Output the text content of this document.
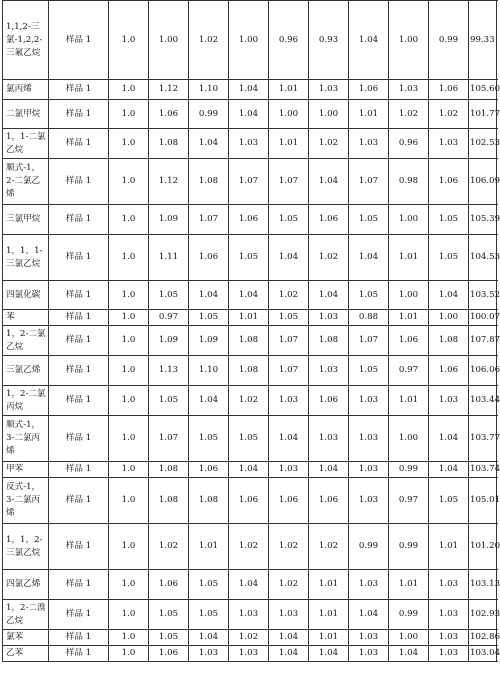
1,1,2-三氯-1,2,2-三氟乙烷	样品 1	1.0	1.00	1.02	1.00	0.96	0.93	1.04	1.00	0.99	99.33
氯丙烯	样品 1	1.0	1.12	1.10	1.04	1.01	1.03	1.06	1.03	1.06	105.60
二氯甲烷	样品 1	1.0	1.06	0.99	1.04	1.00	1.00	1.01	1.02	1.02	101.77
1，1-二氯乙烷	样品 1	1.0	1.08	1.04	1.03	1.01	1.02	1.03	0.96	1.03	102.53
顺式-1，2-二氯乙烯	样品 1	1.0	1.12	1.08	1.07	1.07	1.04	1.07	0.98	1.06	106.09
三氯甲烷	样品 1	1.0	1.09	1.07	1.06	1.05	1.06	1.05	1.00	1.05	105.39
1，1，1-三氯乙烷	样品 1	1.0	1.11	1.06	1.05	1.04	1.02	1.04	1.01	1.05	104.53
四氯化碳	样品 1	1.0	1.05	1.04	1.04	1.02	1.04	1.05	1.00	1.04	103.52
苯	样品 1	1.0	0.97	1.05	1.01	1.05	1.03	0.88	1.01	1.00	100.07
1，2-二氯乙烷	样品 1	1.0	1.09	1.09	1.08	1.07	1.08	1.07	1.06	1.08	107.87
三氯乙烯	样品 1	1.0	1.13	1.10	1.08	1.07	1.03	1.05	0.97	1.06	106.06
1，2-二氯丙烷	样品 1	1.0	1.05	1.04	1.02	1.03	1.06	1.03	1.01	1.03	103.44
顺式-1，3-二氯丙烯	样品 1	1.0	1.07	1.05	1.05	1.04	1.03	1.03	1.00	1.04	103.77
甲苯	样品 1	1.0	1.08	1.06	1.04	1.03	1.04	1.03	0.99	1.04	103.74
反式-1，3-二氯丙烯	样品 1	1.0	1.08	1.08	1.06	1.06	1.06	1.03	0.97	1.05	105.01
1，1，2-三氯乙烷	样品 1	1.0	1.02	1.01	1.02	1.02	1.02	0.99	0.99	1.01	101.20
四氯乙烯	样品 1	1.0	1.06	1.05	1.04	1.02	1.01	1.03	1.01	1.03	103.13
1，2-二溴乙烷	样品 1	1.0	1.05	1.05	1.03	1.03	1.01	1.04	0.99	1.03	102.93
氯苯	样品 1	1.0	1.05	1.04	1.02	1.04	1.01	1.03	1.00	1.03	102.86
乙苯	样品 1	1.0	1.06	1.03	1.03	1.04	1.04	1.03	1.04	1.03	103.04
